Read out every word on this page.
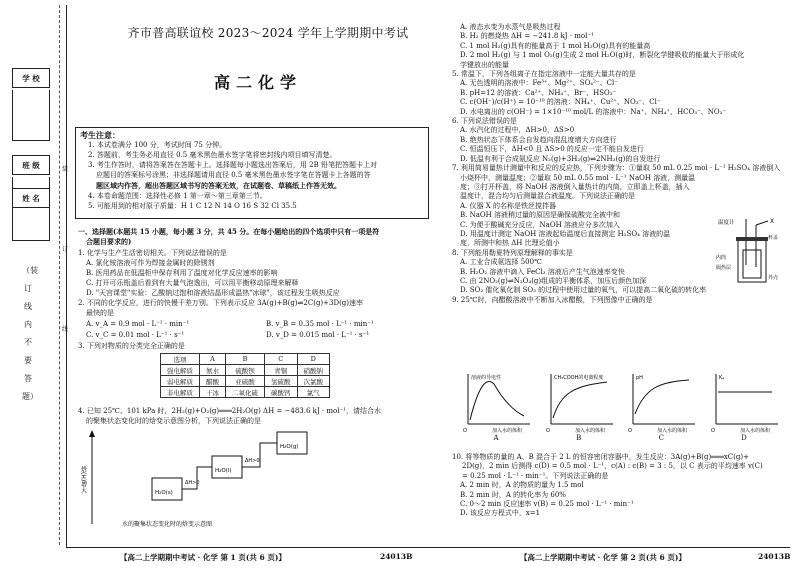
学 校
班 级
姓 名
（装订线内不要答题）
装订线
齐市普高联谊校 2023～2024 学年上学期期中考试
高二化学
考生注意：
1. 本试卷满分 100 分，考试时间 75 分钟。
2. 答题前，考生务必用直径 0.5 毫米黑色墨水签字笔将密封线内项目填写清楚。
3. 考生作答时，请将答案答在答题卡上。选择题每小题选出答案后，用 2B 铅笔把答题卡上对
应题目的答案标号涂黑；非选择题请用直径 0.5 毫米黑色墨水签字笔在答题卡上各题的答
题区域内作答，超出答题区域书写的答案无效，在试题卷、草稿纸上作答无效。
4. 本卷命题范围：选择性必修 1 第一章～第三章第三节。
5. 可能用到的相对原子质量：H 1 C 12 N 14 O 16 S 32 Cl 35.5
一、选择题(本题共 15 小题，每小题 3 分，共 45 分。在每小题给出的四个选项中只有一项是符
合题目要求的)
1. 化学与生产生活密切相关。下列说法错误的是
A. 氯化铵溶液可作为焊接金属时的除锈剂
B. 医用药品在低温柜中保存利用了温度对化学反应速率的影响
C. 打开可乐瓶盖后看到有大量气泡逸出，可以用平衡移动原理来解释
D. "天宫课堂"实验：乙酸钠过饱和溶液结晶形成温热"冰球"，该过程发生吸热反应
2. 不同的化学反应，进行的快慢千差万别。下列表示反应 3A(g)+B(g)⇌2C(g)+3D(g)速率
最快的是
A. v_A = 0.9 mol · L⁻¹ · min⁻¹	B. v_B = 0.35 mol · L⁻¹ · min⁻¹
C. v_C = 0.01 mol · L⁻¹ · s⁻¹	D. v_D = 0.015 mol · L⁻¹ · s⁻¹
3. 下列对物质的分类完全正确的是
选项	A	B	C	D
强电解质	氨水	硫酸钡	青铜	硝酸钠
弱电解质	醋酸	亚硫酸	氢硫酸	次氯酸
非电解质	干冰	二氧化硫	碳酸钙	氯气
4. 已知 25℃、101 kPa 时，2H₂(g)+O₂(g)═══2H₂O(g) ΔH = −483.6 kJ · mol⁻¹，请结合水
的聚集状态变化时的焓变示意图分析，下列说法正确的是
焓(H)增大
H₂O(g)
H₂O(l)
H₂O(s)
ΔH>0
ΔH>0
水的聚集状态变化时的焓变示意图
【高二上学期期中考试 · 化学 第 1 页(共 6 页)】	24013B
A. 液态水变为水蒸气是吸热过程
B. H₂ 的燃烧热 ΔH = −241.8 kJ · mol⁻¹
C. 1 mol H₂(g)具有的能量高于 1 mol H₂O(g)具有的能量高
D. 2 mol H₂(g) 与 1 mol O₂(g)生成 2 mol H₂O(g)时，断裂化学键吸收的能量大于形成化
学键放出的能量
5. 常温下，下列各组离子在指定溶液中一定能大量共存的是
A. 无色透明的溶液中：Fe³⁺、Mg²⁺、SO₄²⁻、Cl⁻
B. pH=12 的溶液：Ca²⁺、NH₄⁺、Br⁻、HSO₃⁻
C. c(OH⁻)/c(H⁺) = 10⁻¹⁰ 的溶液：NH₄⁺、Cu²⁺、NO₃⁻、Cl⁻
D. 水电离出的 c(OH⁻) = 1×10⁻¹⁰ mol/L 的溶液中：Na⁺、NH₄⁺、HCO₃⁻、NO₃⁻
6. 下列说法错误的是
A. 水汽化的过程中，ΔH>0，ΔS>0
B. 绝热状态下体系会自发趋向混乱度增大方向进行
C. 恒温恒压下，ΔH<0 且 ΔS>0 的反应一定不能自发进行
D. 低温有利于合成氨反应 N₂(g)+3H₂(g)⇌2NH₃(g)的自发进行
7. 利用简易量热计测量中和反应的反应热，下列步骤为：①量取 50 mL 0.25 mol · L⁻¹ H₂SO₄ 溶液倒入
小烧杯中，测量温度；②量取 50 mL 0.55 mol · L⁻¹ NaOH 溶液，测量温
度；③打开杯盖，将 NaOH 溶液倒入量热计的内筒，立即盖上杯盖，插入
温度计，混合均匀后测量混合液温度。下列说法正确的是
A. 仪器 X 的名称是铁丝搅拌器
B. NaOH 溶液稍过量的原因是确保硫酸完全被中和
C. 为便于酸碱充分反应，NaOH 溶液应分多次加入
D. 用温度计测定 NaOH 溶液起始温度后直接测定 H₂SO₄ 溶液的温
度，所测中和热 ΔH 比理论值小
8. 下列能用勒夏特列原理解释的事实是
A. 工业合成氨选择 500℃
B. H₂O₂ 溶液中滴入 FeCl₃ 溶液后产生气泡速率变快
C. 由 2NO₂(g)⇌N₂O₄(g)组成的平衡体系，加压后颜色加深
D. SO₂ 催化氧化制 SO₃ 的过程中使用过量的氧气，可以提高二氧化硫的转化率
9. 25℃时，向醋酸溶液中不断加入冰醋酸，下列图像中正确的是
温度计	X
杯盖
内筒
隔热层
外壳
溶液的导电性
加入水的体积
O
A
CH₃COOH的电离程度
加入水的体积
O
B
pH
加入水的体积
O
C
Kₐ
加入水的体积
O
D
【高二上学期期中考试 · 化学 第 2 页(共 6 页)】	24013B
10. 将等物质的量的 A、B 混合于 2 L 的恒容密闭容器中，发生反应：3A(g)+B(g)═══xC(g)+
2D(g)，2 min 后测得 c(D) = 0.5 mol · L⁻¹，c(A) : c(B) = 3 : 5，以 C 表示的平均速率 v(C)
= 0.25 mol · L⁻¹ · min⁻¹。下列说法正确的是
A. 2 min 时，A 的物质的量为 1.5 mol
B. 2 min 时，A 的转化率为 60%
C. 0～2 min 反应速率 v(B) = 0.25 mol · L⁻¹ · min⁻¹
D. 该反应方程式中，x=1
